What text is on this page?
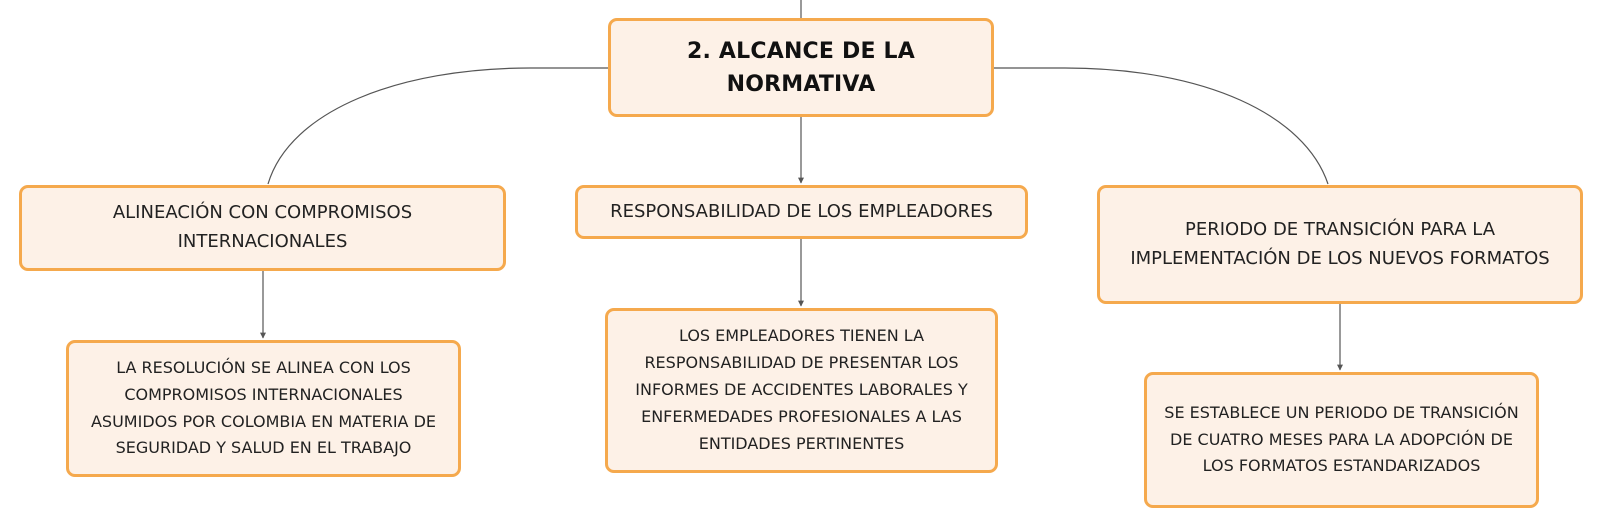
2. ALCANCE DE LA NORMATIVA
ALINEACIÓN CON COMPROMISOS INTERNACIONALES
RESPONSABILIDAD DE LOS EMPLEADORES
PERIODO DE TRANSICIÓN PARA LA IMPLEMENTACIÓN DE LOS NUEVOS FORMATOS
LA RESOLUCIÓN SE ALINEA CON LOS COMPROMISOS INTERNACIONALES ASUMIDOS POR COLOMBIA EN MATERIA DE SEGURIDAD Y SALUD EN EL TRABAJO
LOS EMPLEADORES TIENEN LA RESPONSABILIDAD DE PRESENTAR LOS INFORMES DE ACCIDENTES LABORALES Y ENFERMEDADES PROFESIONALES A LAS ENTIDADES PERTINENTES
SE ESTABLECE UN PERIODO DE TRANSICIÓN DE CUATRO MESES PARA LA ADOPCIÓN DE LOS FORMATOS ESTANDARIZADOS
